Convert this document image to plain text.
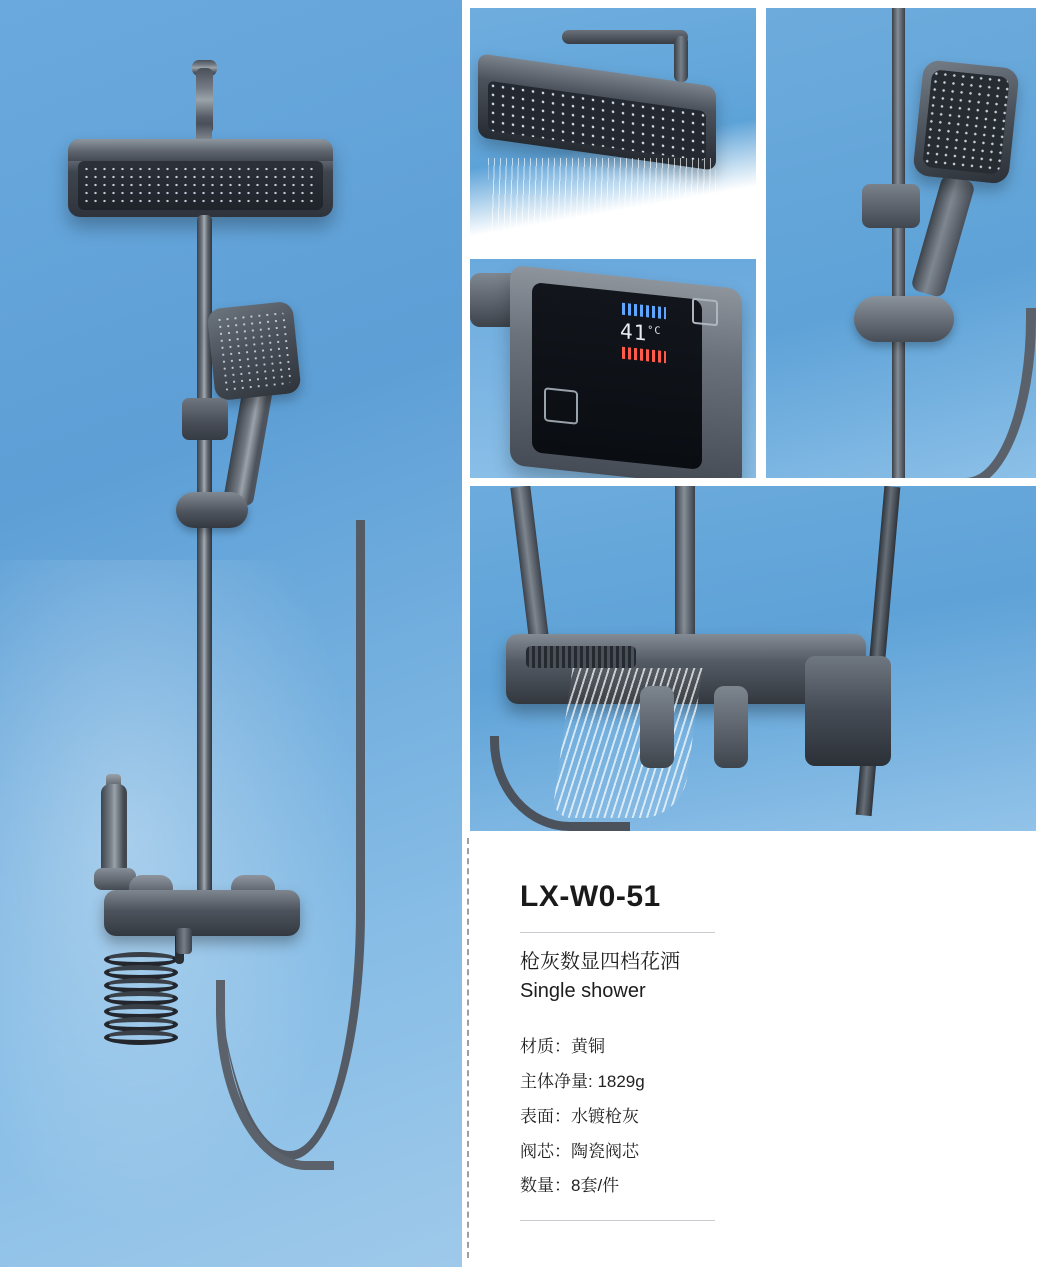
$41^{^\circ C}$
LX-W0-51
枪灰数显四档花洒
Single shower
材质：黄铜
主体净量: 1829g
表面：水镀枪灰
阀芯：陶瓷阀芯
数量：8套/件
